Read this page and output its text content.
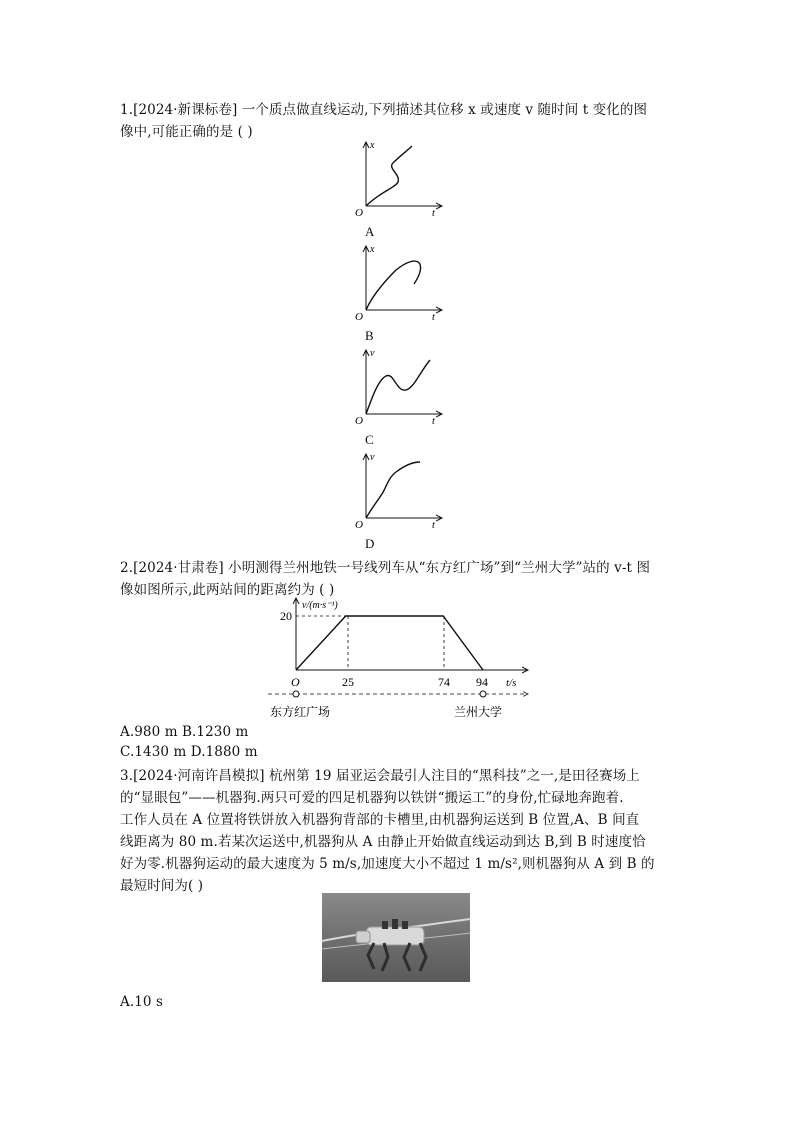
1.[2024·新课标卷] 一个质点做直线运动,下列描述其位移 x 或速度 v 随时间 t 变化的图
像中,可能正确的是 ( )
x
O	t
A
x
O	t
B
v
O	t
C
v
O	t
D
2.[2024·甘肃卷] 小明测得兰州地铁一号线列车从“东方红广场”到“兰州大学”站的 v-t 图
像如图所示,此两站间的距离约为 ( )
v/(m·s⁻¹)
20
O	25	74 94 t/s
东方红广场	兰州大学
A.980 m B.1230 m
C.1430 m D.1880 m
3.[2024·河南许昌模拟] 杭州第 19 届亚运会最引人注目的“黑科技”之一,是田径赛场上
的“显眼包”——机器狗.两只可爱的四足机器狗以铁饼“搬运工”的身份,忙碌地奔跑着.
工作人员在 A 位置将铁饼放入机器狗背部的卡槽里,由机器狗运送到 B 位置,A、B 间直
线距离为 80 m.若某次运送中,机器狗从 A 由静止开始做直线运动到达 B,到 B 时速度恰
好为零.机器狗运动的最大速度为 5 m/s,加速度大小不超过 1 m/s²,则机器狗从 A 到 B 的
最短时间为( )
A.10 s
